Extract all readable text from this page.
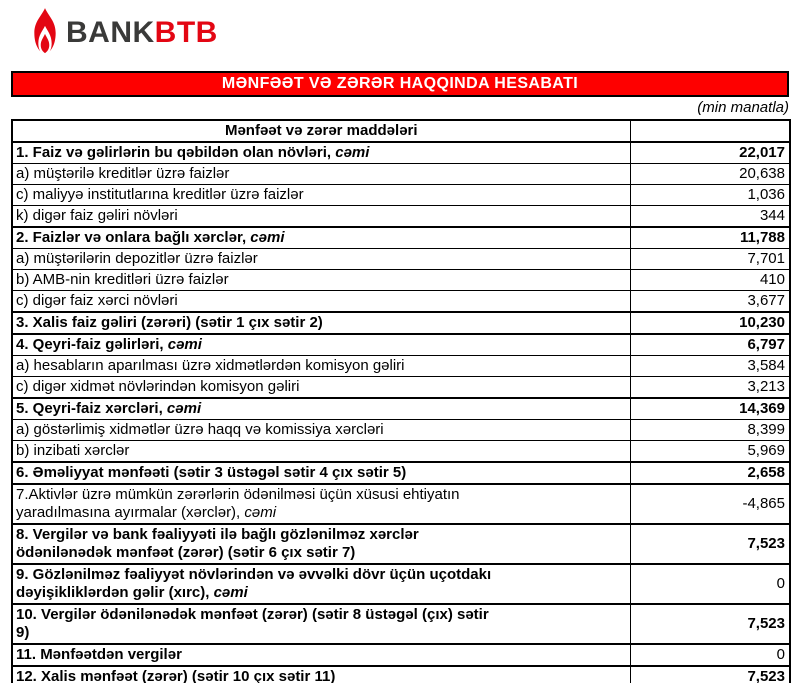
BANKBTB
MƏNFƏƏT VƏ ZƏRƏR HAQQINDA HESABATI
(min manatla)
Mənfəət və zərər maddələri	
1. Faiz və gəlirlərin bu qəbildən olan növləri, cəmi	22,017
a) müştərilə kreditlər üzrə faizlər	20,638
c) maliyyə institutlarına kreditlər üzrə faizlər	1,036
k) digər faiz gəliri növləri	344
2. Faizlər və onlara bağlı xərclər, cəmi	11,788
a) müştərilərin depozitlər üzrə faizlər	7,701
b) AMB-nin kreditləri üzrə faizlər	410
c) digər faiz xərci növləri	3,677
3. Xalis faiz gəliri (zərəri) (sətir 1 çıx sətir 2)	10,230
4. Qeyri-faiz gəlirləri, cəmi	6,797
a) hesabların aparılması üzrə xidmətlərdən komisyon gəliri	3,584
c) digər xidmət növlərindən komisyon gəliri	3,213
5. Qeyri-faiz xərcləri, cəmi	14,369
a) göstərlimiş xidmətlər üzrə haqq və komissiya xərcləri	8,399
b) inzibati xərclər	5,969
6. Əməliyyat mənfəəti (sətir 3 üstəgəl sətir 4 çıx sətir 5)	2,658
7.Aktivlər üzrə mümkün zərərlərin ödənilməsi üçün xüsusi ehtiyatın
yaradılmasına ayırmalar (xərclər), cəmi	-4,865
8. Vergilər və bank fəaliyyəti ilə bağlı gözlənilməz xərclər
ödənilənədək mənfəət (zərər) (sətir 6 çıx sətir 7)	7,523
9. Gözlənilməz fəaliyyət növlərindən və əvvəlki dövr üçün uçotdakı
dəyişikliklərdən gəlir (xırc), cəmi	0
10. Vergilər ödənilənədək mənfəət (zərər) (sətir 8 üstəgəl (çıx) sətir
9)	7,523
11. Mənfəətdən vergilər	0
12. Xalis mənfəət (zərər) (sətir 10 çıx sətir 11)	7,523
